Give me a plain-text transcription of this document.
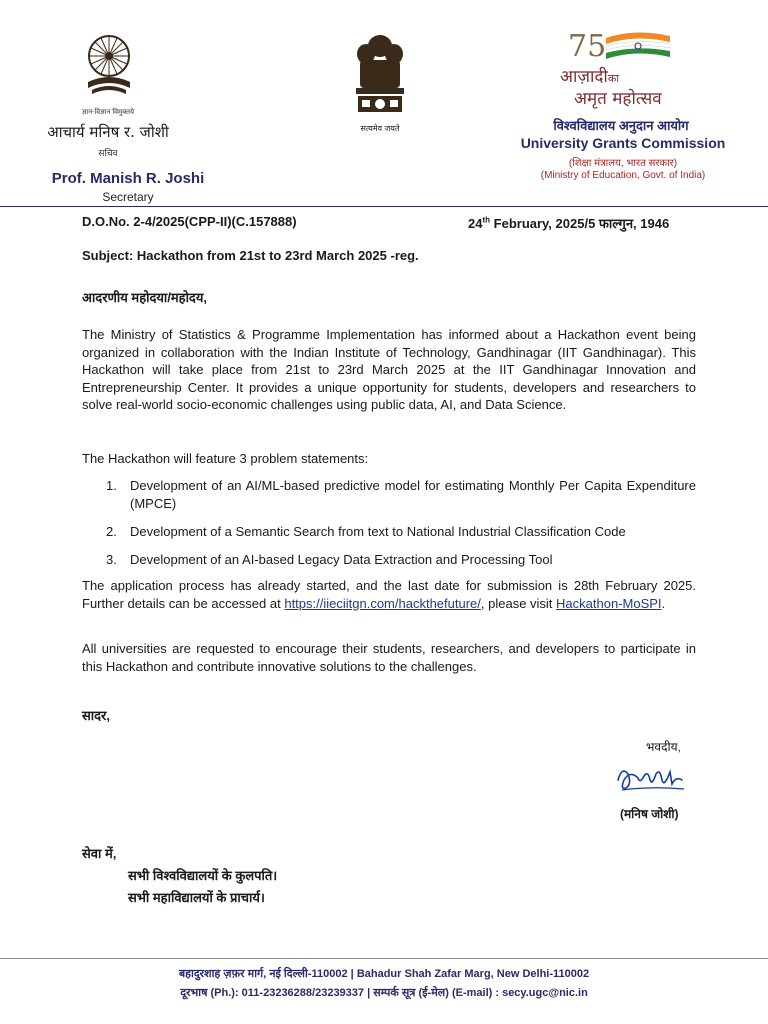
ज्ञान-विज्ञान विमुक्तये
आचार्य मनिष र. जोशी
सचिव
Prof. Manish R. Joshi
Secretary
सत्यमेव जयते
75
आज़ादीका
अमृत महोत्सव
विश्वविद्यालय अनुदान आयोग
University Grants Commission
(शिक्षा मंत्रालय, भारत सरकार)
(Ministry of Education, Govt. of India)
D.O.No. 2-4/2025(CPP-II)(C.157888)	24th February, 2025/5 फाल्गुन, 1946
Subject: Hackathon from 21st to 23rd March 2025 -reg.
आदरणीय महोदया/महोदय,
The Ministry of Statistics & Programme Implementation has informed about a Hackathon event being organized in collaboration with the Indian Institute of Technology, Gandhinagar (IIT Gandhinagar). This Hackathon will take place from 21st to 23rd March 2025 at the IIT Gandhinagar Innovation and Entrepreneurship Center. It provides a unique opportunity for students, developers and researchers to solve real-world socio-economic challenges using public data, AI, and Data Science.
The Hackathon will feature 3 problem statements:
1.	Development of an AI/ML-based predictive model for estimating Monthly Per Capita Expenditure (MPCE)
2.	Development of a Semantic Search from text to National Industrial Classification Code
3.	Development of an AI-based Legacy Data Extraction and Processing Tool
The application process has already started, and the last date for submission is 28th February 2025. Further details can be accessed at https://iieciitgn.com/hackthefuture/, please visit Hackathon-MoSPI.
All universities are requested to encourage their students, researchers, and developers to participate in this Hackathon and contribute innovative solutions to the challenges.
सादर,
भवदीय,
(मनिष जोशी)
सेवा में,
सभी विश्वविद्यालयों के कुलपति।
सभी महाविद्यालयों के प्राचार्य।
बहादुरशाह ज़फ़र मार्ग, नई दिल्ली-110002 | Bahadur Shah Zafar Marg, New Delhi-110002
दूरभाष (Ph.): 011-23236288/23239337 | सम्पर्क सूत्र (ई-मेल) (E-mail) : secy.ugc@nic.in
